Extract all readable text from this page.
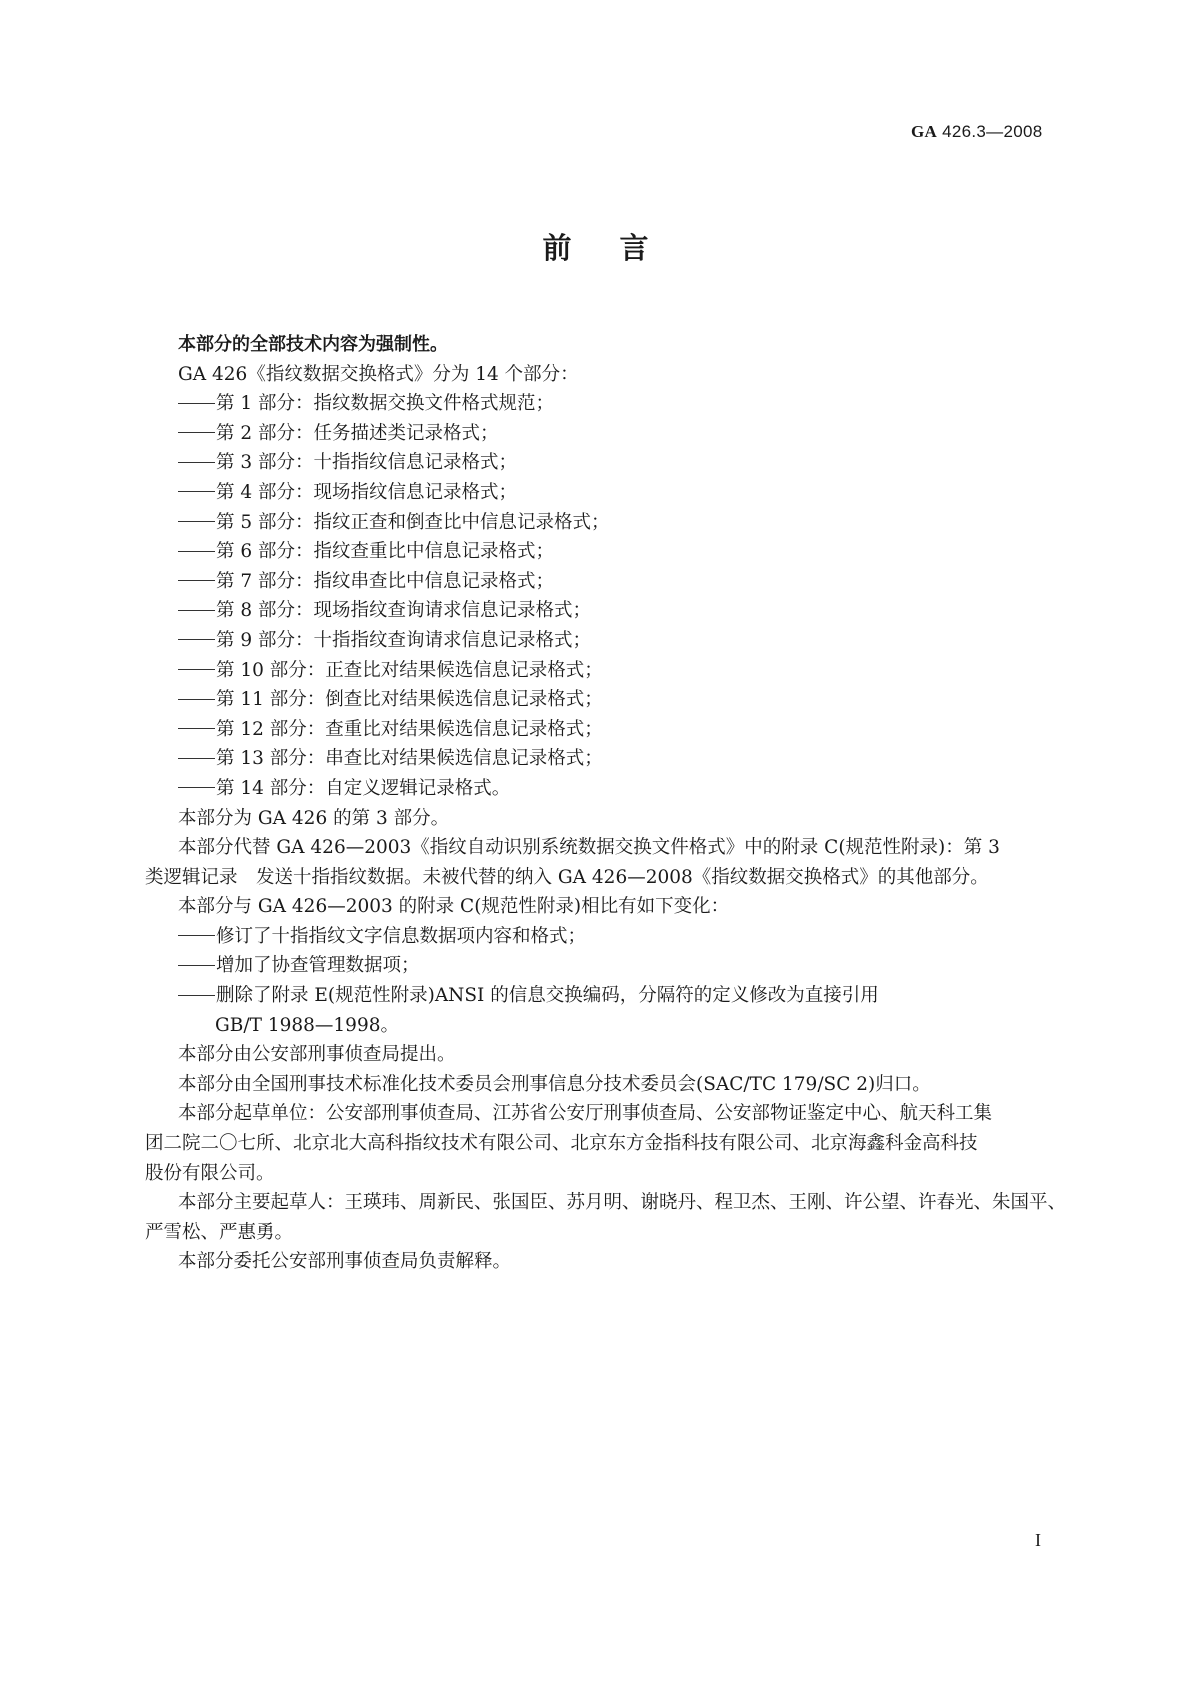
GA 426.3—2008
前 言
本部分的全部技术内容为强制性。
GA 426《指纹数据交换格式》分为 14 个部分：
第 1 部分：指纹数据交换文件格式规范；
第 2 部分：任务描述类记录格式；
第 3 部分：十指指纹信息记录格式；
第 4 部分：现场指纹信息记录格式；
第 5 部分：指纹正查和倒查比中信息记录格式；
第 6 部分：指纹查重比中信息记录格式；
第 7 部分：指纹串查比中信息记录格式；
第 8 部分：现场指纹查询请求信息记录格式；
第 9 部分：十指指纹查询请求信息记录格式；
第 10 部分：正查比对结果候选信息记录格式；
第 11 部分：倒查比对结果候选信息记录格式；
第 12 部分：查重比对结果候选信息记录格式；
第 13 部分：串查比对结果候选信息记录格式；
第 14 部分：自定义逻辑记录格式。
本部分为 GA 426 的第 3 部分。
本部分代替 GA 426—2003《指纹自动识别系统数据交换文件格式》中的附录 C(规范性附录)：第 3
类逻辑记录　发送十指指纹数据。未被代替的纳入 GA 426—2008《指纹数据交换格式》的其他部分。
本部分与 GA 426—2003 的附录 C(规范性附录)相比有如下变化：
修订了十指指纹文字信息数据项内容和格式；
增加了协查管理数据项；
删除了附录 E(规范性附录)ANSI 的信息交换编码，分隔符的定义修改为直接引用
GB/T 1988—1998。
本部分由公安部刑事侦查局提出。
本部分由全国刑事技术标准化技术委员会刑事信息分技术委员会(SAC/TC 179/SC 2)归口。
本部分起草单位：公安部刑事侦查局、江苏省公安厅刑事侦查局、公安部物证鉴定中心、航天科工集
团二院二〇七所、北京北大高科指纹技术有限公司、北京东方金指科技有限公司、北京海鑫科金高科技
股份有限公司。
本部分主要起草人：王瑛玮、周新民、张国臣、苏月明、谢晓丹、程卫杰、王刚、许公望、许春光、朱国平、
严雪松、严惠勇。
本部分委托公安部刑事侦查局负责解释。
I
